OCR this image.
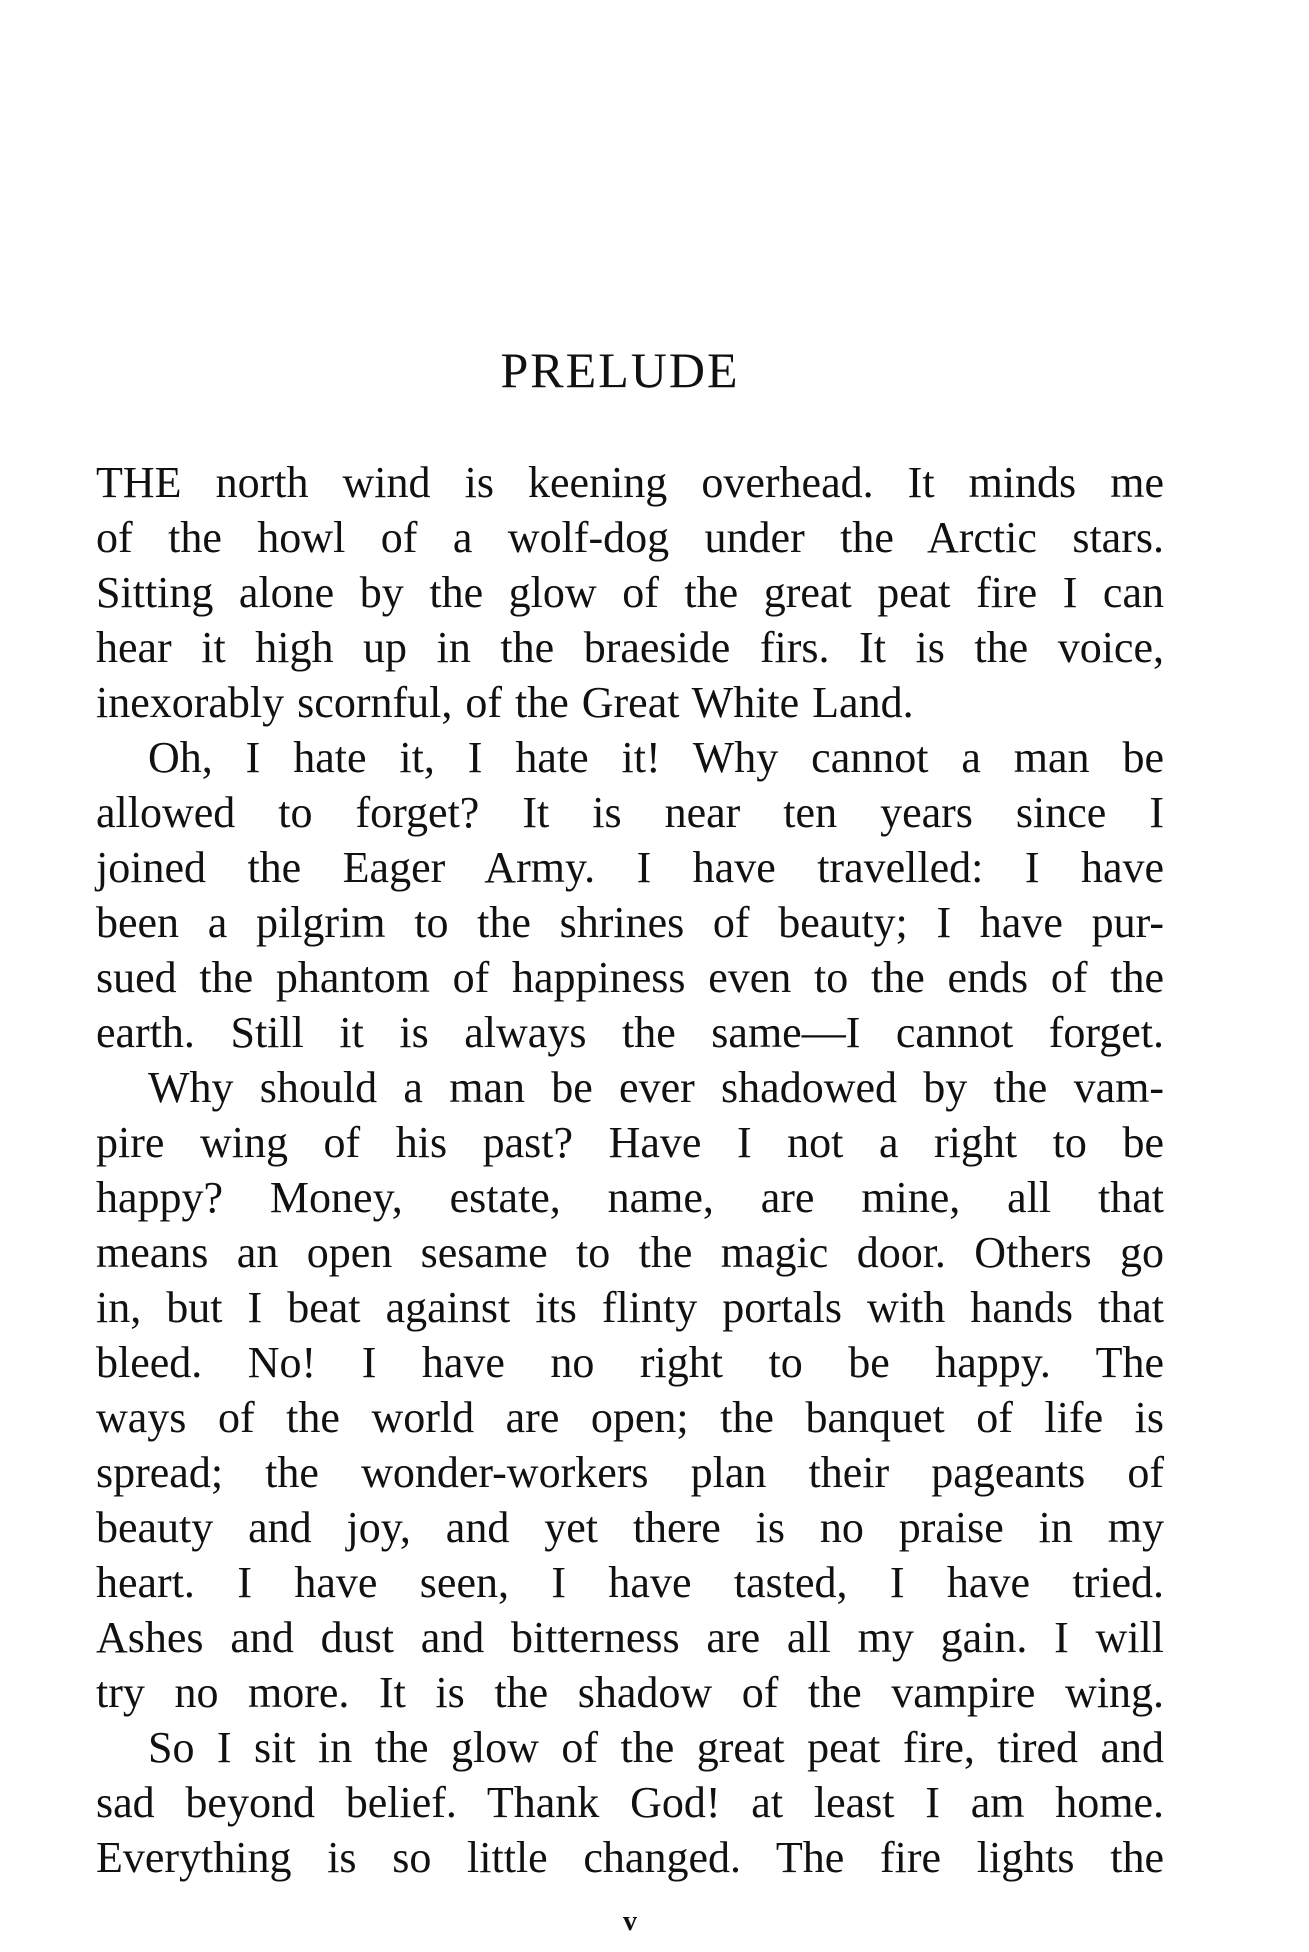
PRELUDE
THE north wind is keening overhead. It minds me
of the howl of a wolf-dog under the Arctic stars.
Sitting alone by the glow of the great peat fire I can
hear it high up in the braeside firs. It is the voice,
inexorably scornful, of the Great White Land.
Oh, I hate it, I hate it! Why cannot a man be
allowed to forget? It is near ten years since I
joined the Eager Army. I have travelled: I have
been a pilgrim to the shrines of beauty; I have pur-
sued the phantom of happiness even to the ends of the
earth. Still it is always the same—I cannot forget.
Why should a man be ever shadowed by the vam-
pire wing of his past? Have I not a right to be
happy? Money, estate, name, are mine, all that
means an open sesame to the magic door. Others go
in, but I beat against its flinty portals with hands that
bleed. No! I have no right to be happy. The
ways of the world are open; the banquet of life is
spread; the wonder-workers plan their pageants of
beauty and joy, and yet there is no praise in my
heart. I have seen, I have tasted, I have tried.
Ashes and dust and bitterness are all my gain. I will
try no more. It is the shadow of the vampire wing.
So I sit in the glow of the great peat fire, tired and
sad beyond belief. Thank God! at least I am home.
Everything is so little changed. The fire lights the
v
